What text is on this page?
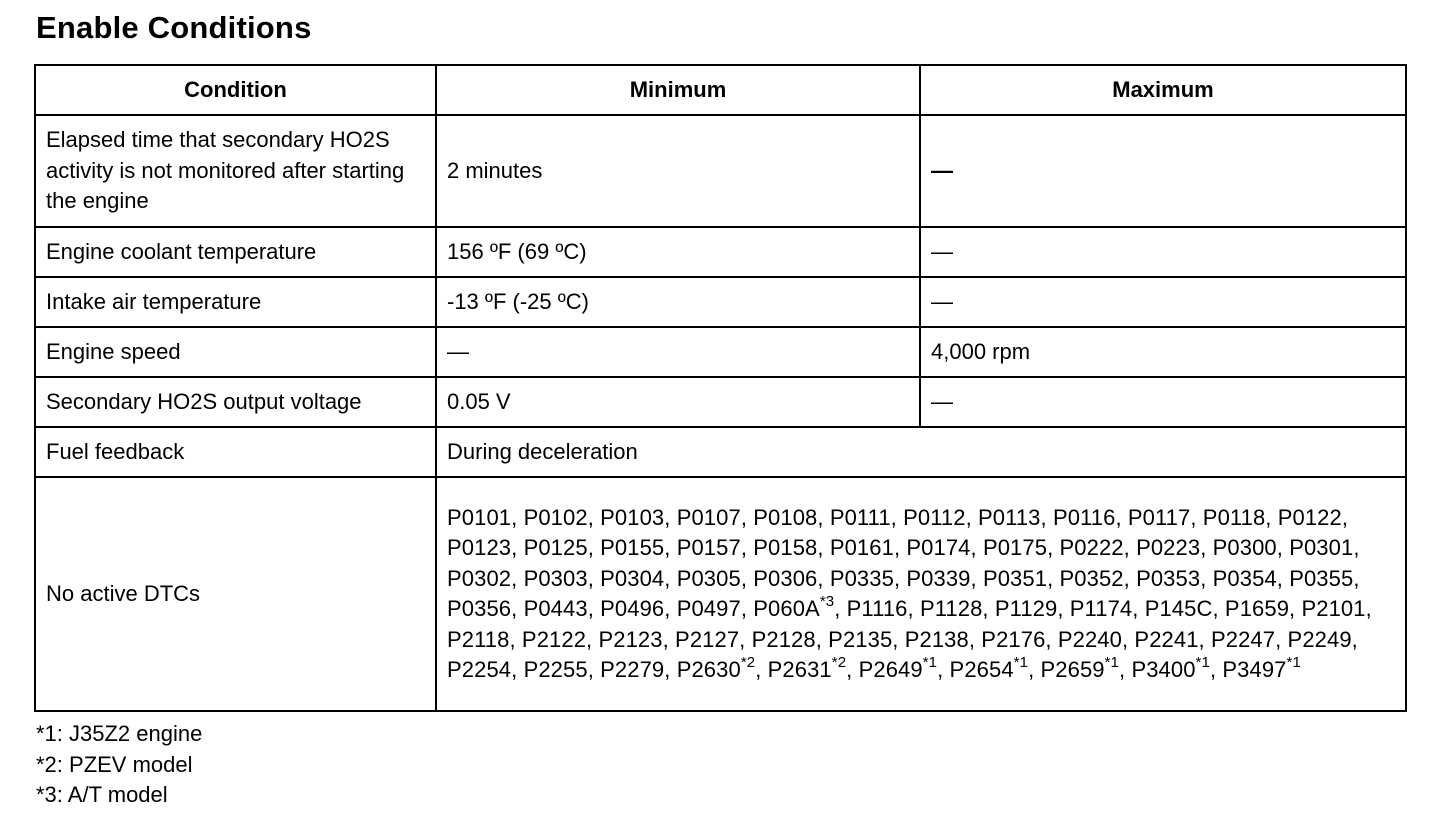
Enable Conditions
Condition	Minimum	Maximum
Elapsed time that secondary HO2S activity is not monitored after starting the engine	2 minutes	—
Engine coolant temperature	156 ºF (69 ºC)	—
Intake air temperature	-13 ºF (-25 ºC)	—
Engine speed	—	4,000 rpm
Secondary HO2S output voltage	0.05 V	—
Fuel feedback	During deceleration	
No active DTCs	P0101, P0102, P0103, P0107, P0108, P0111, P0112, P0113, P0116, P0117, P0118, P0122, P0123, P0125, P0155, P0157, P0158, P0161, P0174, P0175, P0222, P0223, P0300, P0301, P0302, P0303, P0304, P0305, P0306, P0335, P0339, P0351, P0352, P0353, P0354, P0355, P0356, P0443, P0496, P0497, $P060A^{*3}$, P1116, P1128, P1129, P1174, P145C, P1659, P2101, P2118, P2122, P2123, P2127, P2128, P2135, P2138, P2176, P2240, P2241, P2247, P2249, P2254, P2255, P2279, P2630$^{*2}$, P2631$^{*2}$, P2649$^{*1}$, P2654$^{*1}$, P2659$^{*1}$, P3400$^{*1}$, P3497$^{*1}$
*1: J35Z2 engine
*2: PZEV model
*3: A/T model
